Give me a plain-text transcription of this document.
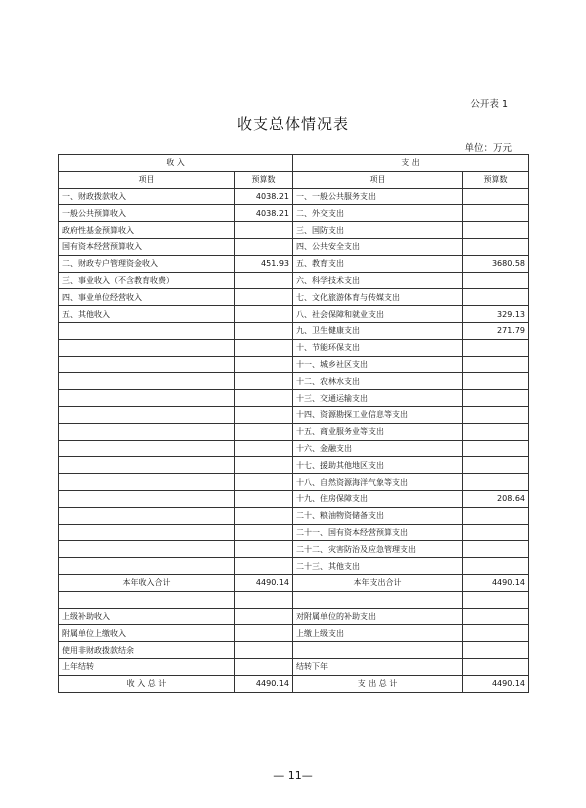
公开表 1
收支总体情况表
单位：万元
收 入		支 出	
项目	预算数	项目	预算数
一、财政拨款收入	4038.21	一、一般公共服务支出	
一般公共预算收入	4038.21	二、外交支出	
政府性基金预算收入		三、国防支出	
国有资本经营预算收入		四、公共安全支出	
二、财政专户管理资金收入	451.93	五、教育支出	3680.58
三、事业收入（不含教育收费）		六、科学技术支出	
四、事业单位经营收入		七、文化旅游体育与传媒支出	
五、其他收入		八、社会保障和就业支出	329.13
		九、卫生健康支出	271.79
		十、节能环保支出	
		十一、城乡社区支出	
		十二、农林水支出	
		十三、交通运输支出	
		十四、资源勘探工业信息等支出	
		十五、商业服务业等支出	
		十六、金融支出	
		十七、援助其他地区支出	
		十八、自然资源海洋气象等支出	
		十九、住房保障支出	208.64
		二十、粮油物资储备支出	
		二十一、国有资本经营预算支出	
		二十二、灾害防治及应急管理支出	
		二十三、其他支出	
本年收入合计	4490.14	本年支出合计	4490.14

上级补助收入		对附属单位的补助支出	
附属单位上缴收入		上缴上级支出	
使用非财政拨款结余			
上年结转		结转下年	
收 入 总 计	4490.14	支 出 总 计	4490.14
— 11—
